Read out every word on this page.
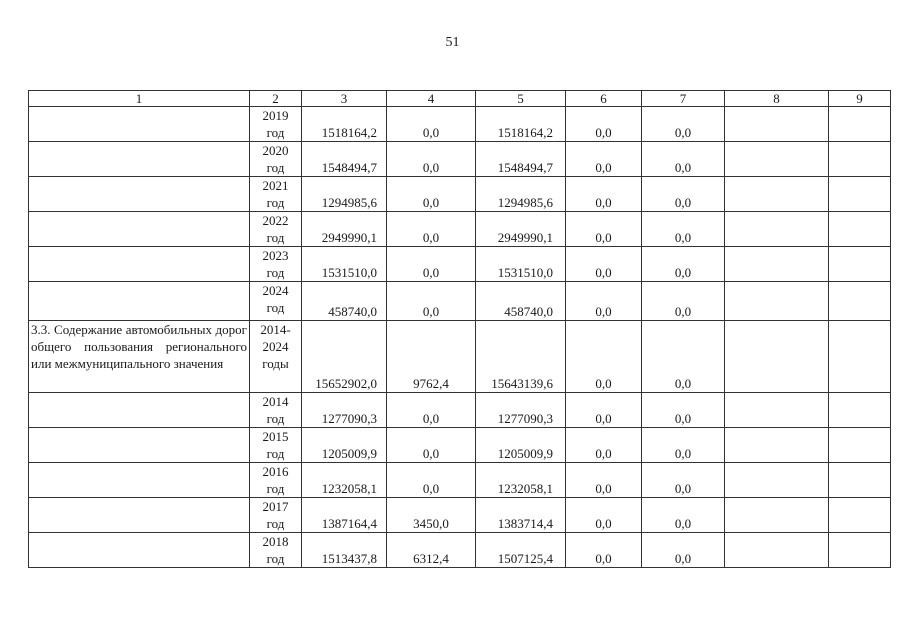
51
1	2	3	4	5	6	7	8	9

	2019
год	1518164,2	0,0	1518164,2	0,0	0,0		

	2020
год	1548494,7	0,0	1548494,7	0,0	0,0		

	2021
год	1294985,6	0,0	1294985,6	0,0	0,0		

	2022
год	2949990,1	0,0	2949990,1	0,0	0,0		

	2023
год	1531510,0	0,0	1531510,0	0,0	0,0		

	2024
год	458740,0	0,0	458740,0	0,0	0,0		
3.3. Содержание автомобильных дорог общего пользования регионального или межмуниципального значения	2014-
2024
годы	15652902,0	9762,4	15643139,6	0,0	0,0		

	2014
год	1277090,3	0,0	1277090,3	0,0	0,0		

	2015
год	1205009,9	0,0	1205009,9	0,0	0,0		

	2016
год	1232058,1	0,0	1232058,1	0,0	0,0		

	2017
год	1387164,4	3450,0	1383714,4	0,0	0,0		

	2018
год	1513437,8	6312,4	1507125,4	0,0	0,0		
